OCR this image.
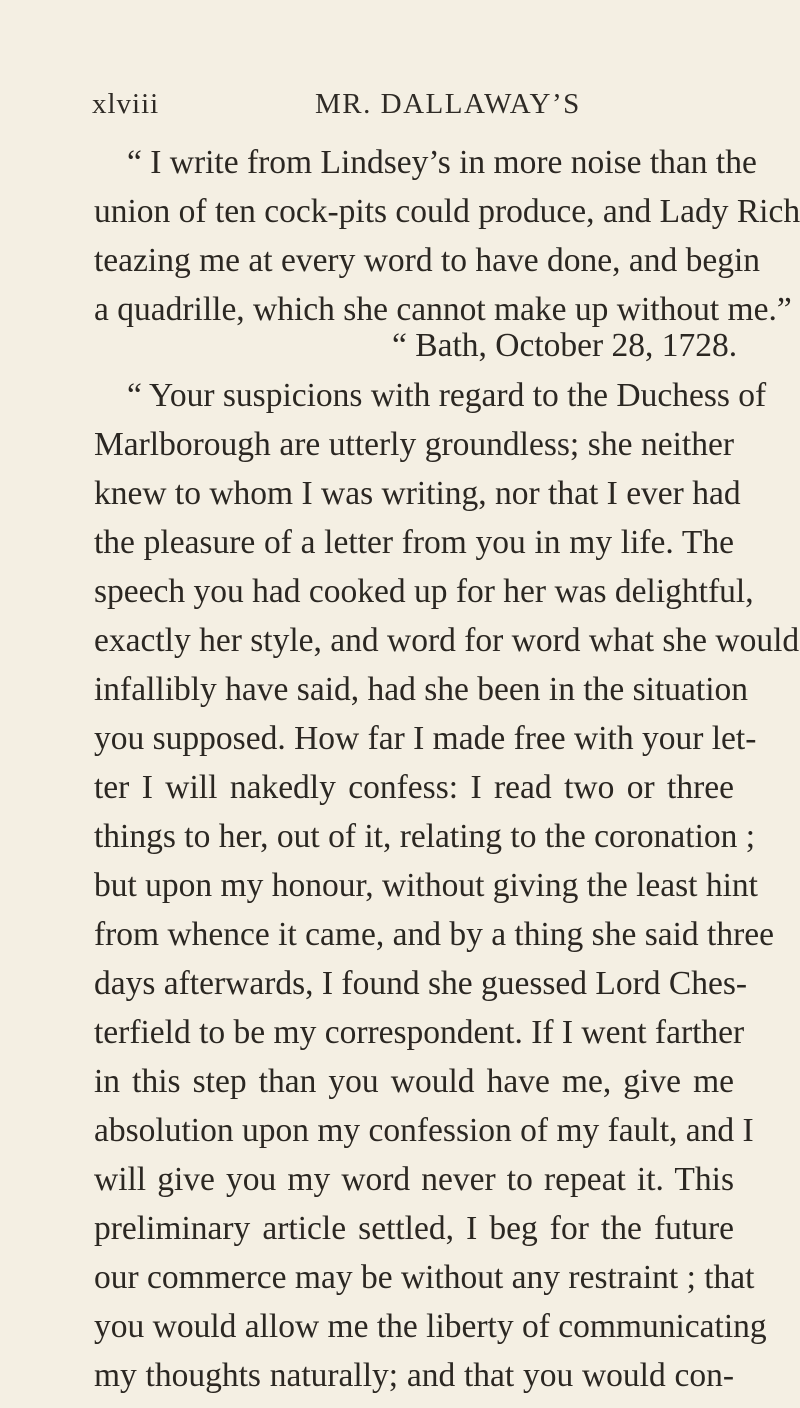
xlviii	MR. DALLAWAY’S
“ I write from Lindsey’s in more noise than the
union of ten cock-pits could produce, and Lady Rich
teazing me at every word to have done, and begin
a quadrille, which she cannot make up without me.”
“ Bath, October 28, 1728.
“ Your suspicions with regard to the Duchess of
Marlborough are utterly groundless; she neither
knew to whom I was writing, nor that I ever had
the pleasure of a letter from you in my life. The
speech you had cooked up for her was delightful,
exactly her style, and word for word what she would
infallibly have said, had she been in the situation
you supposed. How far I made free with your let-
ter I will nakedly confess: I read two or three
things to her, out of it, relating to the coronation ;
but upon my honour, without giving the least hint
from whence it came, and by a thing she said three
days afterwards, I found she guessed Lord Ches-
terfield to be my correspondent. If I went farther
in this step than you would have me, give me
absolution upon my confession of my fault, and I
will give you my word never to repeat it. This
preliminary article settled, I beg for the future
our commerce may be without any restraint ; that
you would allow me the liberty of communicating
my thoughts naturally; and that you would con-
